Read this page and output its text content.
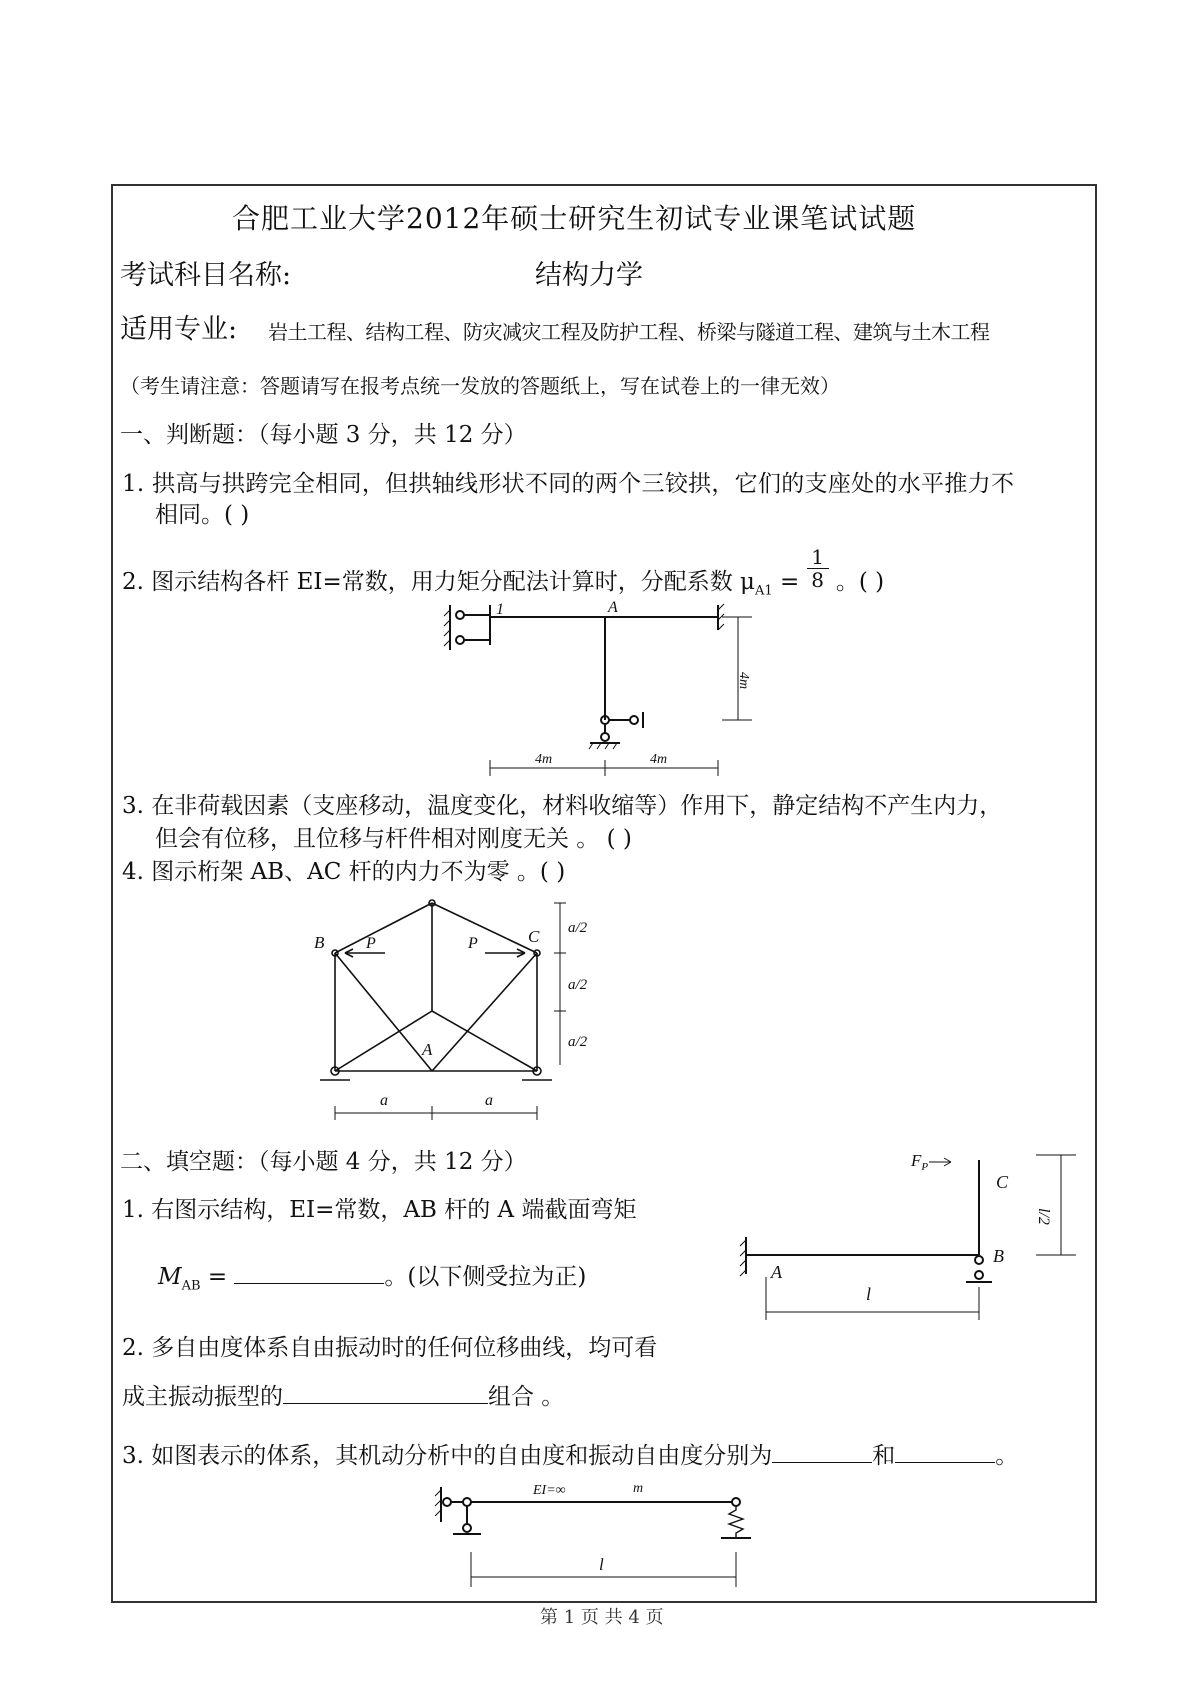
合肥工业大学2012年硕士研究生初试专业课笔试试题
考试科目名称:	结构力学
适用专业: 岩土工程、结构工程、防灾减灾工程及防护工程、桥梁与隧道工程、建筑与土木工程
（考生请注意：答题请写在报考点统一发放的答题纸上，写在试卷上的一律无效）
一、判断题：（每小题 3 分，共 12 分）
1. 拱高与拱跨完全相同，但拱轴线形状不同的两个三铰拱，它们的支座处的水平推力不
相同。( )
2. 图示结构各杆 EI=常数，用力矩分配法计算时，分配系数 $\mu_{A1} = \frac{1}{8}$ 。( )
1	A
4m
4m	4m
3. 在非荷载因素（支座移动，温度变化，材料收缩等）作用下，静定结构不产生内力，
但会有位移，且位移与杆件相对刚度无关 。 ( )
4. 图示桁架 AB、AC 杆的内力不为零 。( )
B	C
A
P	P
a/2
a/2
a/2
a	a
二、填空题：（每小题 4 分，共 12 分）
1. 右图示结构，EI=常数，AB 杆的 A 端截面弯矩
$M_{AB}$ =	。(以下侧受拉为正)
$F_P$
C
B
A
l/2
l
2. 多自由度体系自由振动时的任何位移曲线，均可看
成主振动振型的	组合 。
3. 如图表示的体系，其机动分析中的自由度和振动自由度分别为	和	。
EI=∞	m
l
第 1 页 共 4 页
